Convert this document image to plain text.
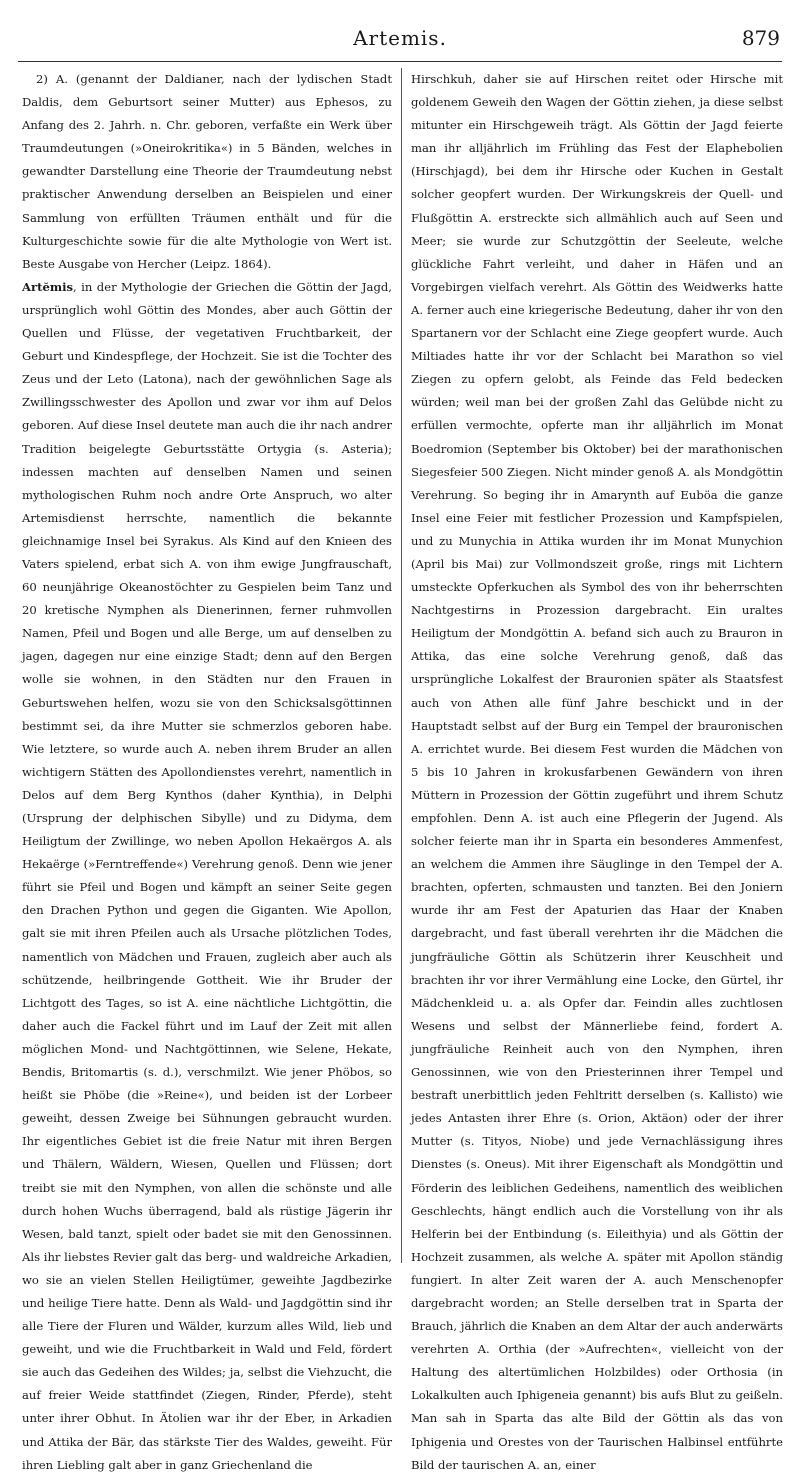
Artemis.	879

2) A. (genannt der Daldianer, nach der lydischen Stadt Daldis, dem Geburtsort seiner Mutter) aus Ephesos, zu Anfang des 2. Jahrh. n. Chr. geboren, verfaßte ein Werk über Traumdeutungen (»Oneirokritika«) in 5 Bänden, welches in gewandter Darstellung eine Theorie der Traumdeutung nebst praktischer Anwendung derselben an Beispielen und einer Sammlung von erfüllten Träumen enthält und für die Kulturgeschichte sowie für die alte Mythologie von Wert ist. Beste Ausgabe von Hercher (Leipz. 1864).

Artĕmis, in der Mythologie der Griechen die Göttin der Jagd, ursprünglich wohl Göttin des Mondes, aber auch Göttin der Quellen und Flüsse, der vegetativen Fruchtbarkeit, der Geburt und Kindespflege, der Hochzeit. Sie ist die Tochter des Zeus und der Leto (Latona), nach der gewöhnlichen Sage als Zwillingsschwester des Apollon und zwar vor ihm auf Delos geboren. Auf diese Insel deutete man auch die ihr nach andrer Tradition beigelegte Geburtsstätte Ortygia (s. Asteria); indessen machten auf denselben Namen und seinen mythologischen Ruhm noch andre Orte Anspruch, wo alter Artemisdienst herrschte, namentlich die bekannte gleichnamige Insel bei Syrakus. Als Kind auf den Knieen des Vaters spielend, erbat sich A. von ihm ewige Jungfrauschaft, 60 neunjährige Okeanostöchter zu Gespielen beim Tanz und 20 kretische Nymphen als Dienerinnen, ferner ruhmvollen Namen, Pfeil und Bogen und alle Berge, um auf denselben zu jagen, dagegen nur eine einzige Stadt; denn auf den Bergen wolle sie wohnen, in den Städten nur den Frauen in Geburtswehen helfen, wozu sie von den Schicksalsgöttinnen bestimmt sei, da ihre Mutter sie schmerzlos geboren habe. Wie letztere, so wurde auch A. neben ihrem Bruder an allen wichtigern Stätten des Apollondienstes verehrt, namentlich in Delos auf dem Berg Kynthos (daher Kynthia), in Delphi (Ursprung der delphischen Sibylle) und zu Didyma, dem Heiligtum der Zwillinge, wo neben Apollon Hekaërgos A. als Hekaërge (»Ferntreffende«) Verehrung genoß. Denn wie jener führt sie Pfeil und Bogen und kämpft an seiner Seite gegen den Drachen Python und gegen die Giganten. Wie Apollon, galt sie mit ihren Pfeilen auch als Ursache plötzlichen Todes, namentlich von Mädchen und Frauen, zugleich aber auch als schützende, heilbringende Gottheit. Wie ihr Bruder der Lichtgott des Tages, so ist A. eine nächtliche Lichtgöttin, die daher auch die Fackel führt und im Lauf der Zeit mit allen möglichen Mond- und Nachtgöttinnen, wie Selene, Hekate, Bendis, Britomartis (s. d.), verschmilzt. Wie jener Phöbos, so heißt sie Phöbe (die »Reine«), und beiden ist der Lorbeer geweiht, dessen Zweige bei Sühnungen gebraucht wurden. Ihr eigentliches Gebiet ist die freie Natur mit ihren Bergen und Thälern, Wäldern, Wiesen, Quellen und Flüssen; dort treibt sie mit den Nymphen, von allen die schönste und alle durch hohen Wuchs überragend, bald als rüstige Jägerin ihr Wesen, bald tanzt, spielt oder badet sie mit den Genossinnen. Als ihr liebstes Revier galt das berg- und waldreiche Arkadien, wo sie an vielen Stellen Heiligtümer, geweihte Jagdbezirke und heilige Tiere hatte. Denn als Wald- und Jagdgöttin sind ihr alle Tiere der Fluren und Wälder, kurzum alles Wild, lieb und geweiht, und wie die Fruchtbarkeit in Wald und Feld, fördert sie auch das Gedeihen des Wildes; ja, selbst die Viehzucht, die auf freier Weide stattfindet (Ziegen, Rinder, Pferde), steht unter ihrer Obhut. In Ätolien war ihr der Eber, in Arkadien und Attika der Bär, das stärkste Tier des Waldes, geweiht. Für ihren Liebling galt aber in ganz Griechenland die

Hirschkuh, daher sie auf Hirschen reitet oder Hirsche mit goldenem Geweih den Wagen der Göttin ziehen, ja diese selbst mitunter ein Hirschgeweih trägt. Als Göttin der Jagd feierte man ihr alljährlich im Frühling das Fest der Elaphebolien (Hirschjagd), bei dem ihr Hirsche oder Kuchen in Gestalt solcher geopfert wurden. Der Wirkungskreis der Quell- und Flußgöttin A. erstreckte sich allmählich auch auf Seen und Meer; sie wurde zur Schutzgöttin der Seeleute, welche glückliche Fahrt verleiht, und daher in Häfen und an Vorgebirgen vielfach verehrt. Als Göttin des Weidwerks hatte A. ferner auch eine kriegerische Bedeutung, daher ihr von den Spartanern vor der Schlacht eine Ziege geopfert wurde. Auch Miltiades hatte ihr vor der Schlacht bei Marathon so viel Ziegen zu opfern gelobt, als Feinde das Feld bedecken würden; weil man bei der großen Zahl das Gelübde nicht zu erfüllen vermochte, opferte man ihr alljährlich im Monat Boedromion (September bis Oktober) bei der marathonischen Siegesfeier 500 Ziegen. Nicht minder genoß A. als Mondgöttin Verehrung. So beging ihr in Amarynth auf Euböa die ganze Insel eine Feier mit festlicher Prozession und Kampfspielen, und zu Munychia in Attika wurden ihr im Monat Munychion (April bis Mai) zur Vollmondszeit große, rings mit Lichtern umsteckte Opferkuchen als Symbol des von ihr beherrschten Nachtgestirns in Prozession dargebracht. Ein uraltes Heiligtum der Mondgöttin A. befand sich auch zu Brauron in Attika, das eine solche Verehrung genoß, daß das ursprüngliche Lokalfest der Brauronien später als Staatsfest auch von Athen alle fünf Jahre beschickt und in der Hauptstadt selbst auf der Burg ein Tempel der brauronischen A. errichtet wurde. Bei diesem Fest wurden die Mädchen von 5 bis 10 Jahren in krokusfarbenen Gewändern von ihren Müttern in Prozession der Göttin zugeführt und ihrem Schutz empfohlen. Denn A. ist auch eine Pflegerin der Jugend. Als solcher feierte man ihr in Sparta ein besonderes Ammenfest, an welchem die Ammen ihre Säuglinge in den Tempel der A. brachten, opferten, schmausten und tanzten. Bei den Joniern wurde ihr am Fest der Apaturien das Haar der Knaben dargebracht, und fast überall verehrten ihr die Mädchen die jungfräuliche Göttin als Schützerin ihrer Keuschheit und brachten ihr vor ihrer Vermählung eine Locke, den Gürtel, ihr Mädchenkleid u. a. als Opfer dar. Feindin alles zuchtlosen Wesens und selbst der Männerliebe feind, fordert A. jungfräuliche Reinheit auch von den Nymphen, ihren Genossinnen, wie von den Priesterinnen ihrer Tempel und bestraft unerbittlich jeden Fehltritt derselben (s. Kallisto) wie jedes Antasten ihrer Ehre (s. Orion, Aktäon) oder der ihrer Mutter (s. Tityos, Niobe) und jede Vernachlässigung ihres Dienstes (s. Oneus). Mit ihrer Eigenschaft als Mondgöttin und Förderin des leiblichen Gedeihens, namentlich des weiblichen Geschlechts, hängt endlich auch die Vorstellung von ihr als Helferin bei der Entbindung (s. Eileithyia) und als Göttin der Hochzeit zusammen, als welche A. später mit Apollon ständig fungiert. In alter Zeit waren der A. auch Menschenopfer dargebracht worden; an Stelle derselben trat in Sparta der Brauch, jährlich die Knaben an dem Altar der auch anderwärts verehrten A. Orthia (der »Aufrechten«, vielleicht von der Haltung des altertümlichen Holzbildes) oder Orthosia (in Lokalkulten auch Iphigeneia genannt) bis aufs Blut zu geißeln. Man sah in Sparta das alte Bild der Göttin als das von Iphigenia und Orestes von der Taurischen Halbinsel entführte Bild der taurischen A. an, einer
